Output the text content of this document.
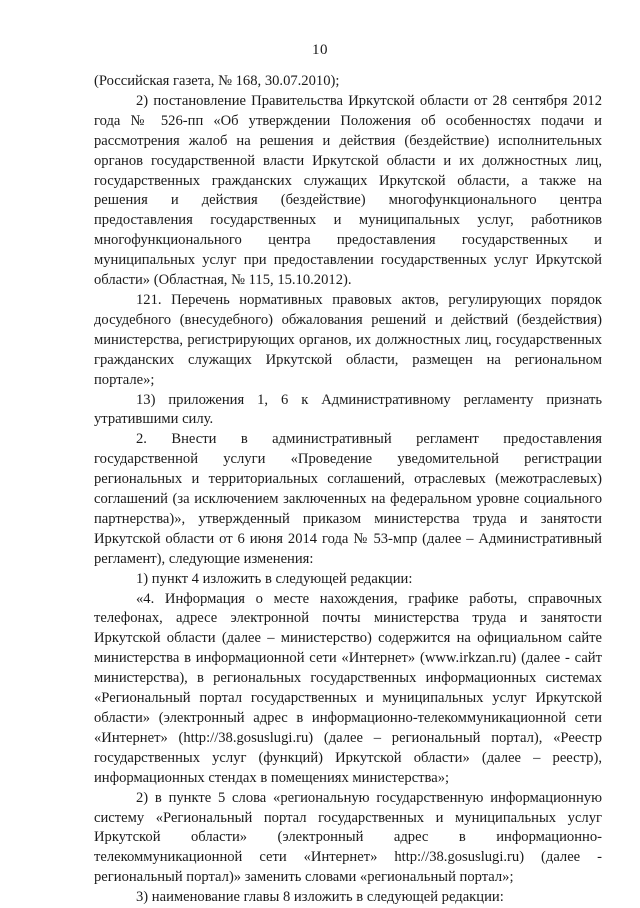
10

(Российская газета, № 168, 30.07.2010);

2) постановление Правительства Иркутской области от 28 сентября 2012 года № 526-пп «Об утверждении Положения об особенностях подачи и рассмотрения жалоб на решения и действия (бездействие) исполнительных органов государственной власти Иркутской области и их должностных лиц, государственных гражданских служащих Иркутской области, а также на решения и действия (бездействие) многофункционального центра предоставления государственных и муниципальных услуг, работников многофункционального центра предоставления государственных и муниципальных услуг при предоставлении государственных услуг Иркутской области» (Областная, № 115, 15.10.2012).

121. Перечень нормативных правовых актов, регулирующих порядок досудебного (внесудебного) обжалования решений и действий (бездействия) министерства, регистрирующих органов, их должностных лиц, государственных гражданских служащих Иркутской области, размещен на региональном портале»;

13) приложения 1, 6 к Административному регламенту признать утратившими силу.

2. Внести в административный регламент предоставления государственной услуги «Проведение уведомительной регистрации региональных и территориальных соглашений, отраслевых (межотраслевых) соглашений (за исключением заключенных на федеральном уровне социального партнерства)», утвержденный приказом министерства труда и занятости Иркутской области от 6 июня 2014 года № 53-мпр (далее – Административный регламент), следующие изменения:

1) пункт 4 изложить в следующей редакции:

«4. Информация о месте нахождения, графике работы, справочных телефонах, адресе электронной почты министерства труда и занятости Иркутской области (далее – министерство) содержится на официальном сайте министерства в информационной сети «Интернет» (www.irkzan.ru) (далее - сайт министерства), в региональных государственных информационных системах «Региональный портал государственных и муниципальных услуг Иркутской области» (электронный адрес в информационно-телекоммуникационной сети «Интернет» (http://38.gosuslugi.ru) (далее – региональный портал), «Реестр государственных услуг (функций) Иркутской области» (далее – реестр), информационных стендах в помещениях министерства»;

2) в пункте 5 слова «региональную государственную информационную систему «Региональный портал государственных и муниципальных услуг Иркутской области» (электронный адрес в информационно-телекоммуникационной сети «Интернет» http://38.gosuslugi.ru) (далее - региональный портал)» заменить словами «региональный портал»;

3) наименование главы 8 изложить в следующей редакции:
